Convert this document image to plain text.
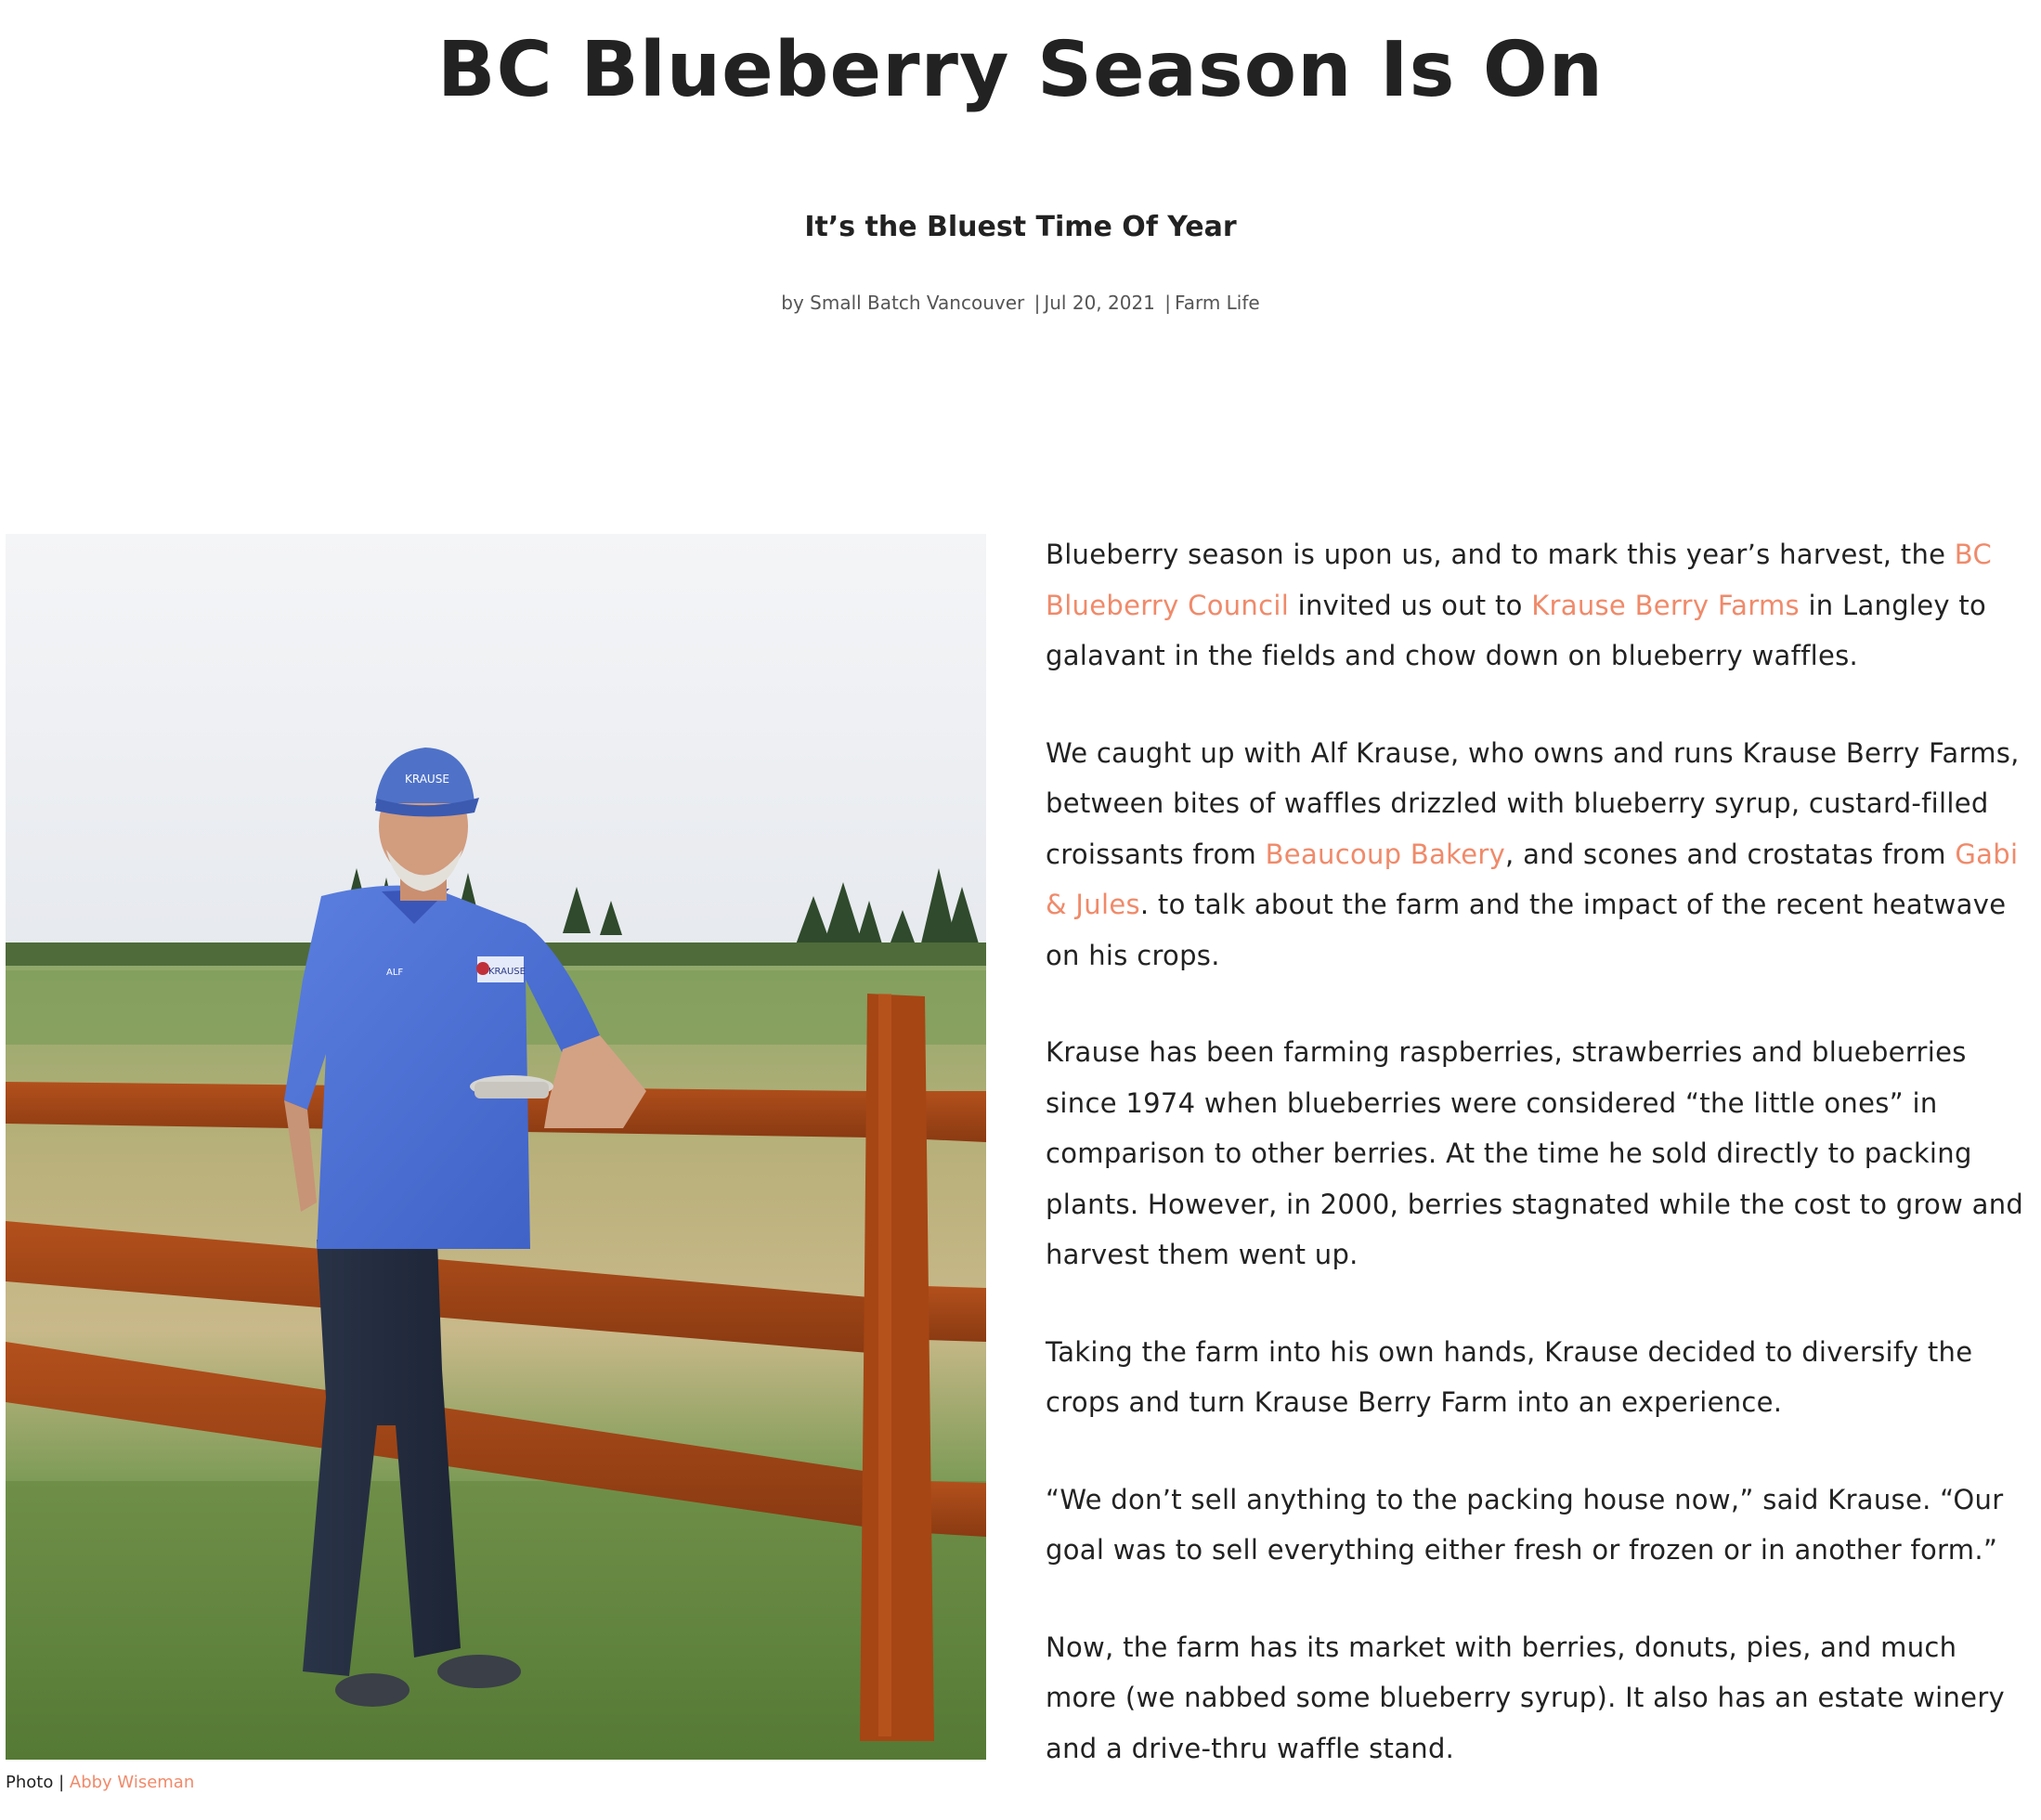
BC Blueberry Season Is On
It’s the Bluest Time Of Year
by Small Batch Vancouver | Jul 20, 2021 | Farm Life
KRAUSE
KRAUSE
ALF
Photo | Abby Wiseman

Blueberry season is upon us, and to mark this year’s harvest, the BC Blueberry Council invited us out to Krause Berry Farms in Langley to galavant in the fields and chow down on blueberry waffles.

We caught up with Alf Krause, who owns and runs Krause Berry Farms, between bites of waffles drizzled with blueberry syrup, custard-filled croissants from Beaucoup Bakery, and scones and crostatas from Gabi & Jules. to talk about the farm and the impact of the recent heatwave on his crops.

Krause has been farming raspberries, strawberries and blueberries since 1974 when blueberries were considered “the little ones” in comparison to other berries. At the time he sold directly to packing plants. However, in 2000, berries stagnated while the cost to grow and harvest them went up.

Taking the farm into his own hands, Krause decided to diversify the crops and turn Krause Berry Farm into an experience.

“We don’t sell anything to the packing house now,” said Krause. “Our goal was to sell everything either fresh or frozen or in another form.”

Now, the farm has its market with berries, donuts, pies, and much more (we nabbed some blueberry syrup). It also has an estate winery and a drive-thru waffle stand.
